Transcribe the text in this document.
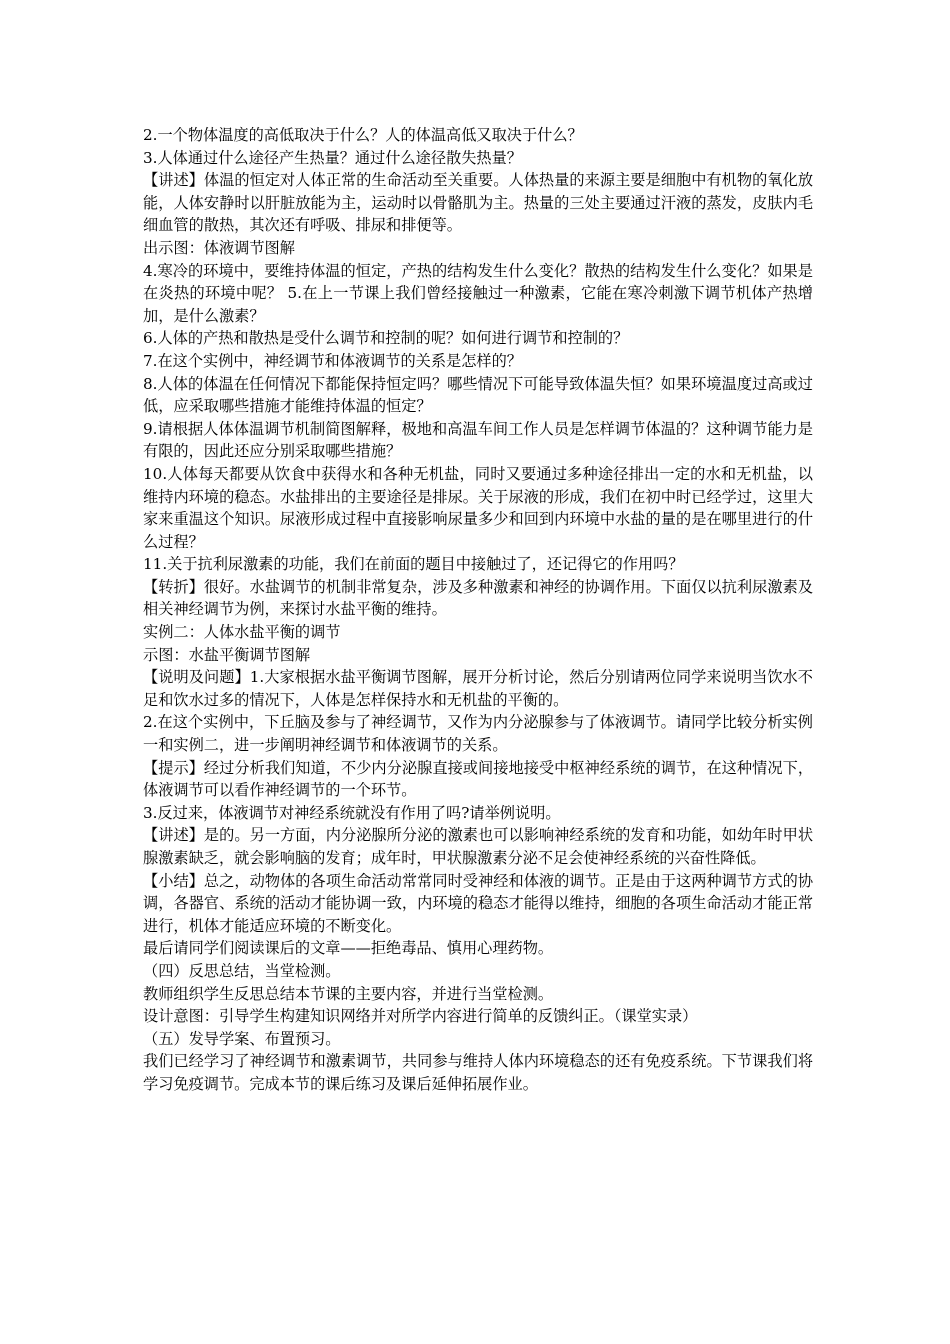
2.一个物体温度的高低取决于什么？人的体温高低又取决于什么？

3.人体通过什么途径产生热量？通过什么途径散失热量？

【讲述】体温的恒定对人体正常的生命活动至关重要。人体热量的来源主要是细胞中有机物的氧化放能，人体安静时以肝脏放能为主，运动时以骨骼肌为主。热量的三处主要通过汗液的蒸发，皮肤内毛细血管的散热，其次还有呼吸、排尿和排便等。

出示图：体液调节图解

4.寒冷的环境中，要维持体温的恒定，产热的结构发生什么变化？散热的结构发生什么变化？如果是在炎热的环境中呢？ 5.在上一节课上我们曾经接触过一种激素，它能在寒冷刺激下调节机体产热增加，是什么激素？

6.人体的产热和散热是受什么调节和控制的呢？如何进行调节和控制的？

7.在这个实例中，神经调节和体液调节的关系是怎样的？

8.人体的体温在任何情况下都能保持恒定吗？哪些情况下可能导致体温失恒？如果环境温度过高或过低，应采取哪些措施才能维持体温的恒定？

9.请根据人体体温调节机制简图解释，极地和高温车间工作人员是怎样调节体温的？这种调节能力是有限的，因此还应分别采取哪些措施？

10.人体每天都要从饮食中获得水和各种无机盐，同时又要通过多种途径排出一定的水和无机盐，以维持内环境的稳态。水盐排出的主要途径是排尿。关于尿液的形成，我们在初中时已经学过，这里大家来重温这个知识。尿液形成过程中直接影响尿量多少和回到内环境中水盐的量的是在哪里进行的什么过程？

11.关于抗利尿激素的功能，我们在前面的题目中接触过了，还记得它的作用吗？

【转折】很好。水盐调节的机制非常复杂，涉及多种激素和神经的协调作用。下面仅以抗利尿激素及相关神经调节为例，来探讨水盐平衡的维持。

实例二：人体水盐平衡的调节

示图：水盐平衡调节图解

【说明及问题】1.大家根据水盐平衡调节图解，展开分析讨论，然后分别请两位同学来说明当饮水不足和饮水过多的情况下，人体是怎样保持水和无机盐的平衡的。

2.在这个实例中，下丘脑及参与了神经调节，又作为内分泌腺参与了体液调节。请同学比较分析实例一和实例二，进一步阐明神经调节和体液调节的关系。

【提示】经过分析我们知道，不少内分泌腺直接或间接地接受中枢神经系统的调节，在这种情况下，体液调节可以看作神经调节的一个环节。

3.反过来，体液调节对神经系统就没有作用了吗?请举例说明。

【讲述】是的。另一方面，内分泌腺所分泌的激素也可以影响神经系统的发育和功能，如幼年时甲状腺激素缺乏，就会影响脑的发育；成年时，甲状腺激素分泌不足会使神经系统的兴奋性降低。

【小结】总之，动物体的各项生命活动常常同时受神经和体液的调节。正是由于这两种调节方式的协调，各器官、系统的活动才能协调一致，内环境的稳态才能得以维持，细胞的各项生命活动才能正常进行，机体才能适应环境的不断变化。

最后请同学们阅读课后的文章——拒绝毒品、慎用心理药物。

（四）反思总结，当堂检测。

教师组织学生反思总结本节课的主要内容，并进行当堂检测。

设计意图：引导学生构建知识网络并对所学内容进行简单的反馈纠正。（课堂实录）

（五）发导学案、布置预习。

我们已经学习了神经调节和激素调节，共同参与维持人体内环境稳态的还有免疫系统。下节课我们将学习免疫调节。完成本节的课后练习及课后延伸拓展作业。
